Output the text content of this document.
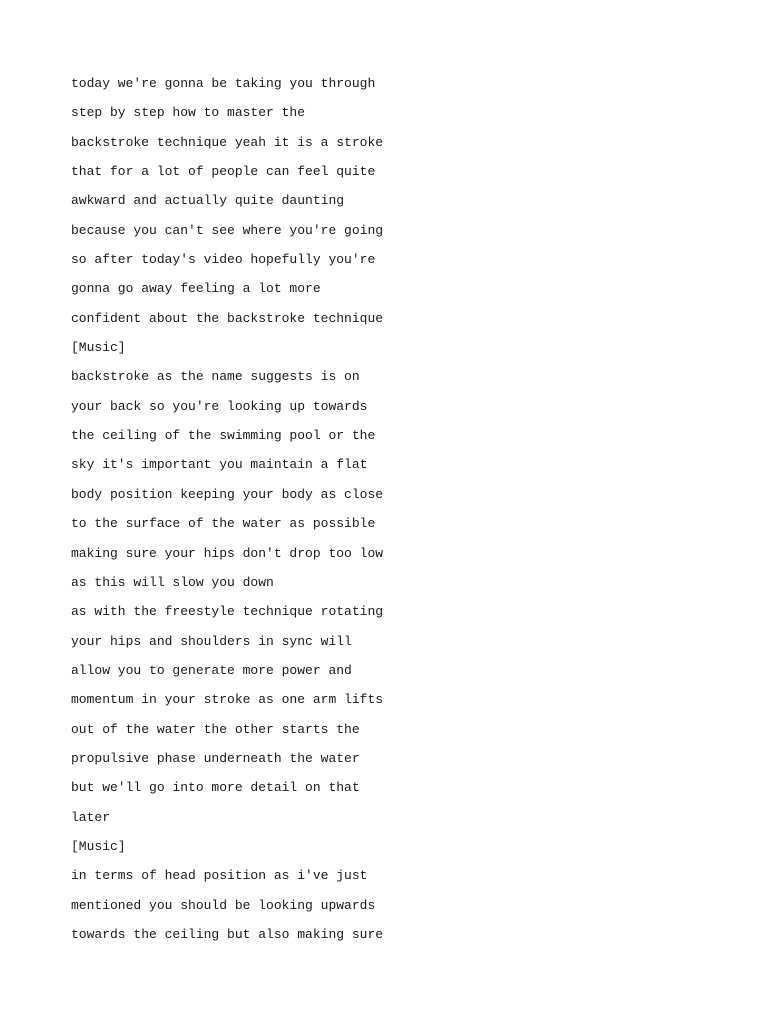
today we're gonna be taking you through
step by step how to master the
backstroke technique yeah it is a stroke
that for a lot of people can feel quite
awkward and actually quite daunting
because you can't see where you're going
so after today's video hopefully you're
gonna go away feeling a lot more
confident about the backstroke technique
[Music]
backstroke as the name suggests is on
your back so you're looking up towards
the ceiling of the swimming pool or the
sky it's important you maintain a flat
body position keeping your body as close
to the surface of the water as possible
making sure your hips don't drop too low
as this will slow you down
as with the freestyle technique rotating
your hips and shoulders in sync will
allow you to generate more power and
momentum in your stroke as one arm lifts
out of the water the other starts the
propulsive phase underneath the water
but we'll go into more detail on that
later
[Music]
in terms of head position as i've just
mentioned you should be looking upwards
towards the ceiling but also making sure
